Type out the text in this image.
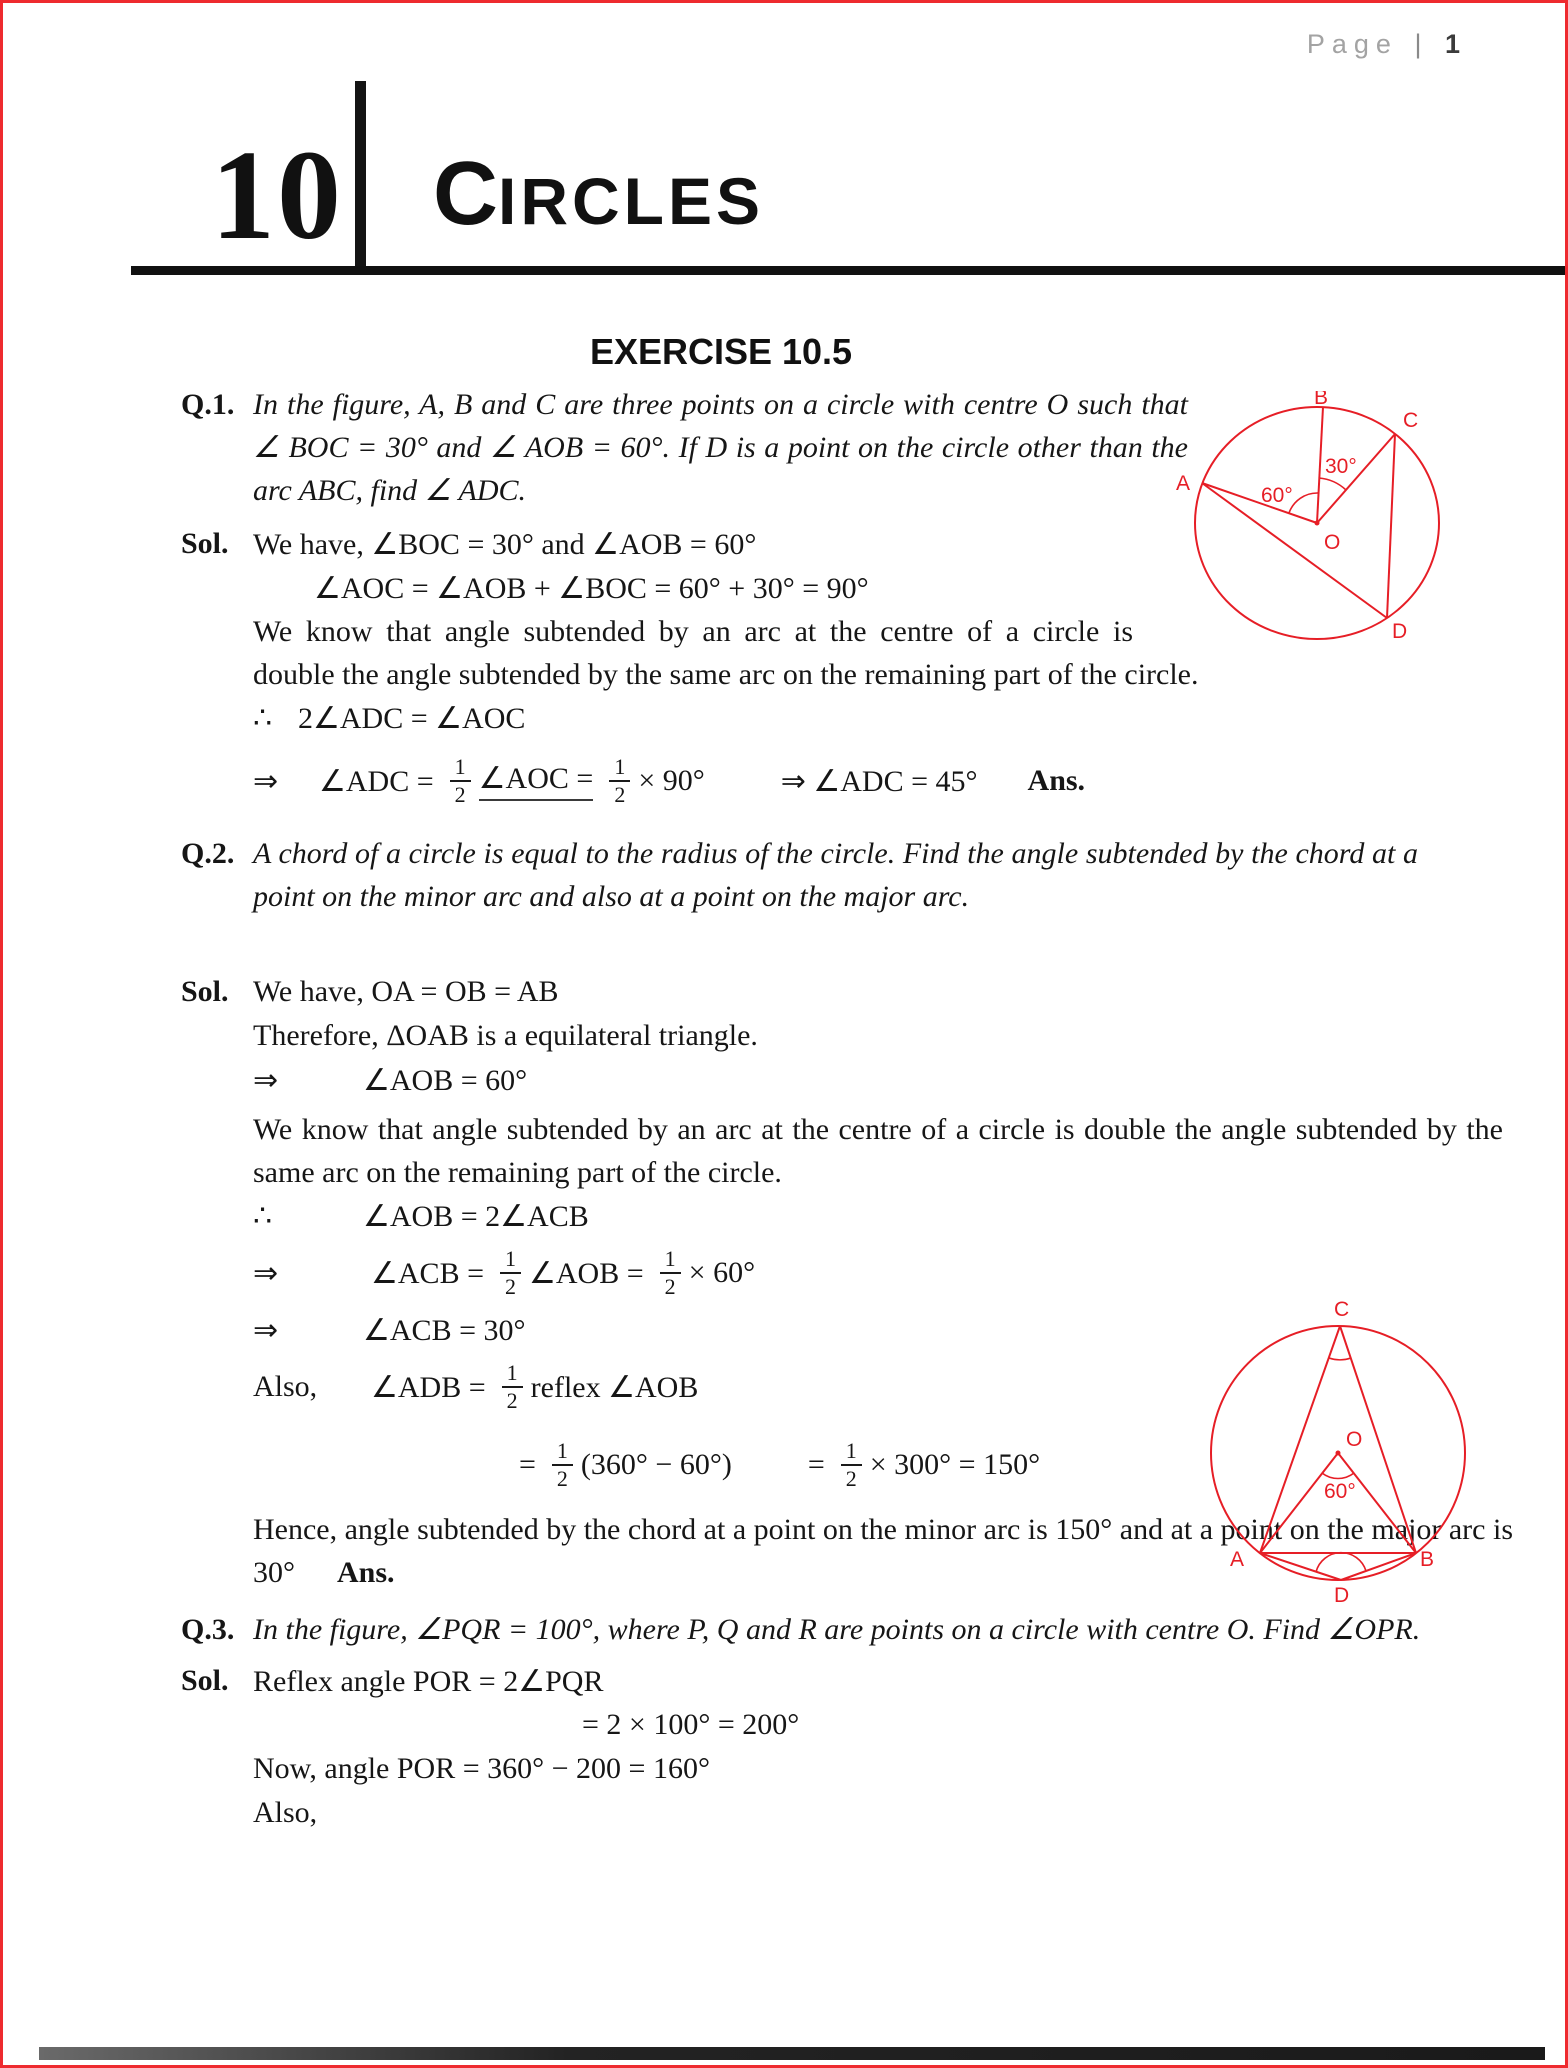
Page | 1
10 CIRCLES
EXERCISE 10.5
Q.1. In the figure, A, B and C are three points on a circle with centre O such that ∠ BOC = 30° and ∠ AOB = 60°. If D is a point on the circle other than the arc ABC, find ∠ ADC.

Sol. We have, ∠BOC = 30° and ∠AOB = 60°
∠AOC = ∠AOB + ∠BOC = 60° + 30° = 90°

We know that angle subtended by an arc at the centre of a circle is double the angle subtended by the same arc on the remaining part of the circle.

∴ 2∠ADC = ∠AOC
⇒	∠ADC = $\frac{1}{2}$ ∠AOC = $\frac{1}{2} \times 90^\circ$	⇒ ∠ADC = 45° Ans.
Q.2. A chord of a circle is equal to the radius of the circle. Find the angle subtended by the chord at a point on the minor arc and also at a point on the major arc.

Sol. We have, OA = OB = AB
Therefore, ΔOAB is a equilateral triangle.
⇒	∠AOB = 60°

We know that angle subtended by an arc at the centre of a circle is double the angle subtended by the same arc on the remaining part of the circle.

∴	∠AOB = 2∠ACB
⇒	∠ACB = $\frac{1}{2}$ ∠AOB = $\frac{1}{2} \times 60^\circ$
⇒	∠ACB = 30°
Also,	∠ADB = $\frac{1}{2}$ reflex ∠AOB
= $\frac{1}{2} (360^\circ - 60^\circ)$	= $\frac{1}{2} \times 300^\circ = 150^\circ$

Hence, angle subtended by the chord at a point on the minor arc is 150° and at a point on the major arc is 30° Ans.

Q.3. In the figure, ∠PQR = 100°, where P, Q and R are points on a circle with centre O. Find ∠OPR.

Sol. Reflex angle POR = 2∠PQR
= 2 × 100° = 200°
Now, angle POR = 360° − 200 = 160°
Also,
A
B
C
O
D
60°
30°
C
O
60°
A	B
D
